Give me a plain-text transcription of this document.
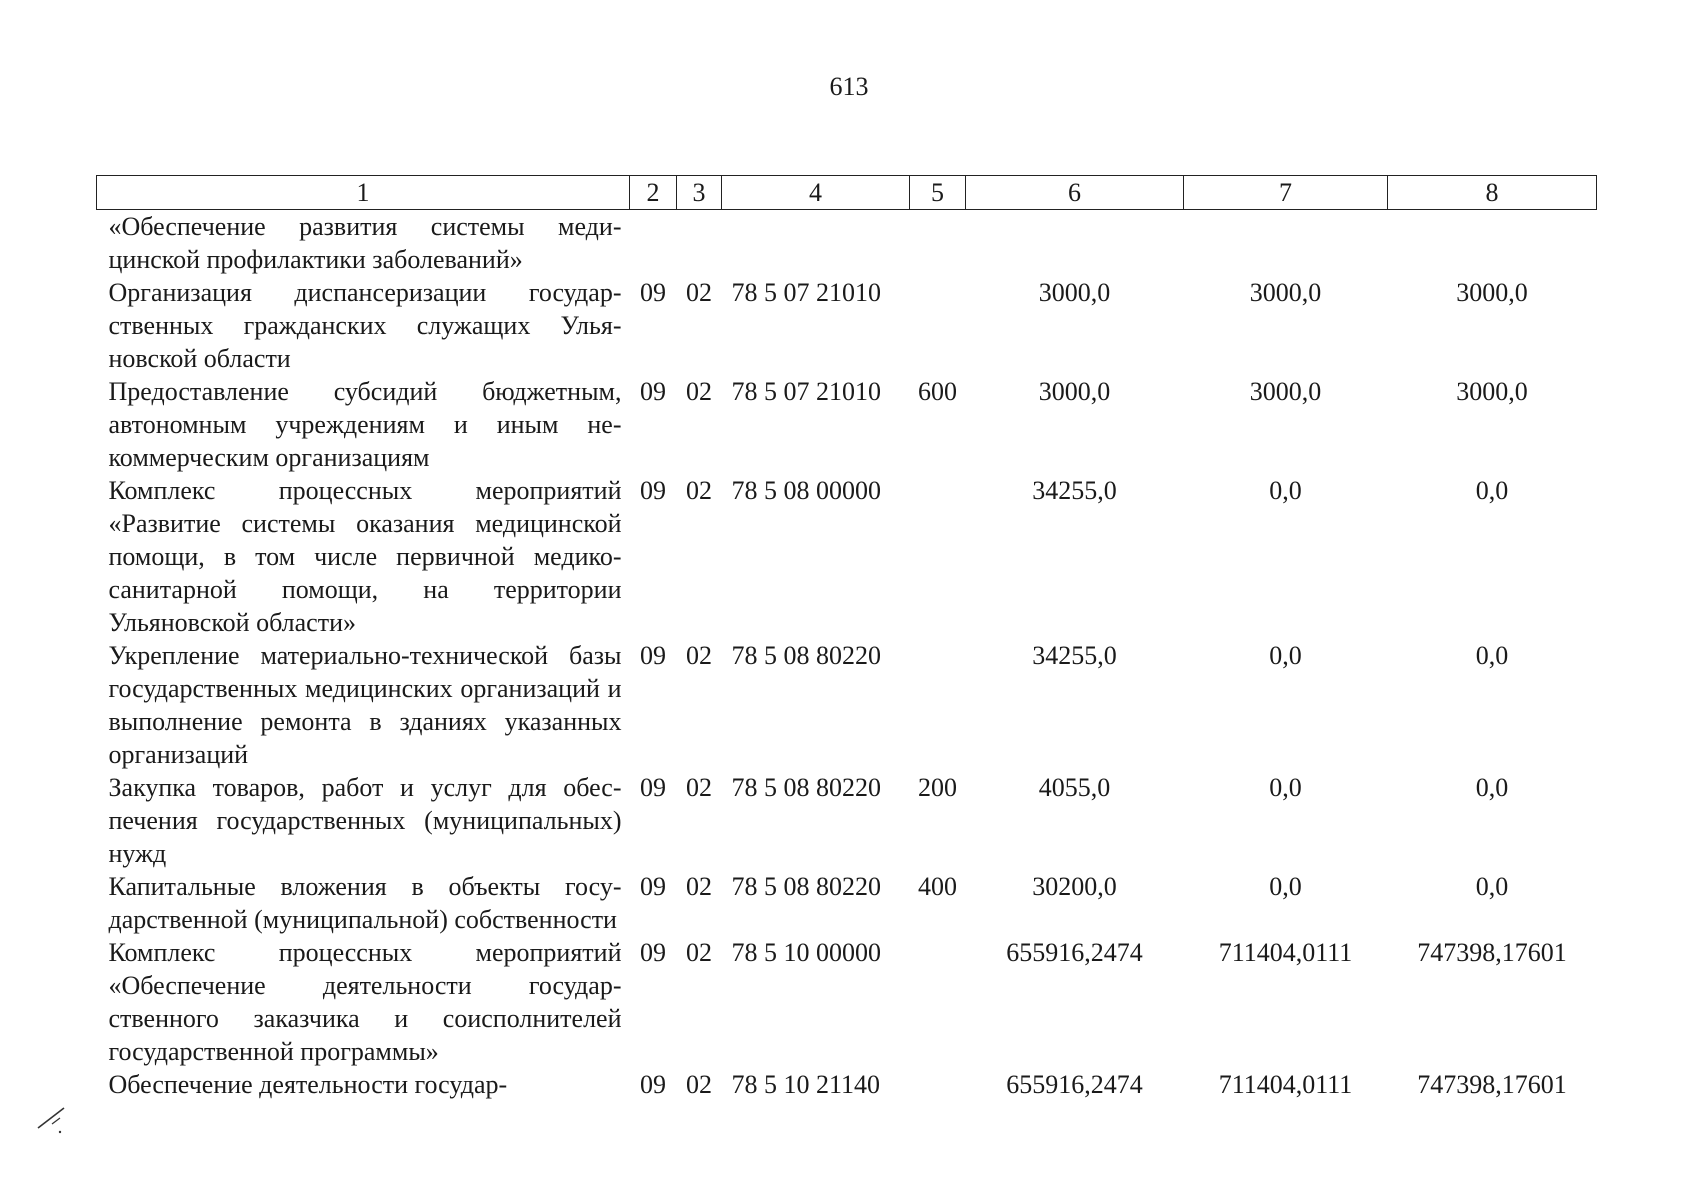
613
1	2	3	4	5	6	7	8
«Обеспечение развития системы медицинской профилактики заболеваний»							
Организация диспансеризации государственных гражданских служащих Ульяновской области	09	02	78 5 07 21010		3000,0	3000,0	3000,0
Предоставление субсидий бюджетным, автономным учреждениям и иным некоммерческим организациям	09	02	78 5 07 21010	600	3000,0	3000,0	3000,0
Комплекс процессных мероприятий «Развитие системы оказания медицинской помощи, в том числе первичной медико-санитарной помощи, на территории Ульяновской области»	09	02	78 5 08 00000		34255,0	0,0	0,0
Укрепление материально-технической базы государственных медицинских организаций и выполнение ремонта в зданиях указанных организаций	09	02	78 5 08 80220		34255,0	0,0	0,0
Закупка товаров, работ и услуг для обеспечения государственных (муниципальных) нужд	09	02	78 5 08 80220	200	4055,0	0,0	0,0
Капитальные вложения в объекты государственной (муниципальной) собственности	09	02	78 5 08 80220	400	30200,0	0,0	0,0
Комплекс процессных мероприятий «Обеспечение деятельности государственного заказчика и соисполнителей государственной программы»	09	02	78 5 10 00000		655916,2474	711404,0111	747398,17601
Обеспечение деятельности государ-	09	02	78 5 10 21140		655916,2474	711404,0111	747398,17601
